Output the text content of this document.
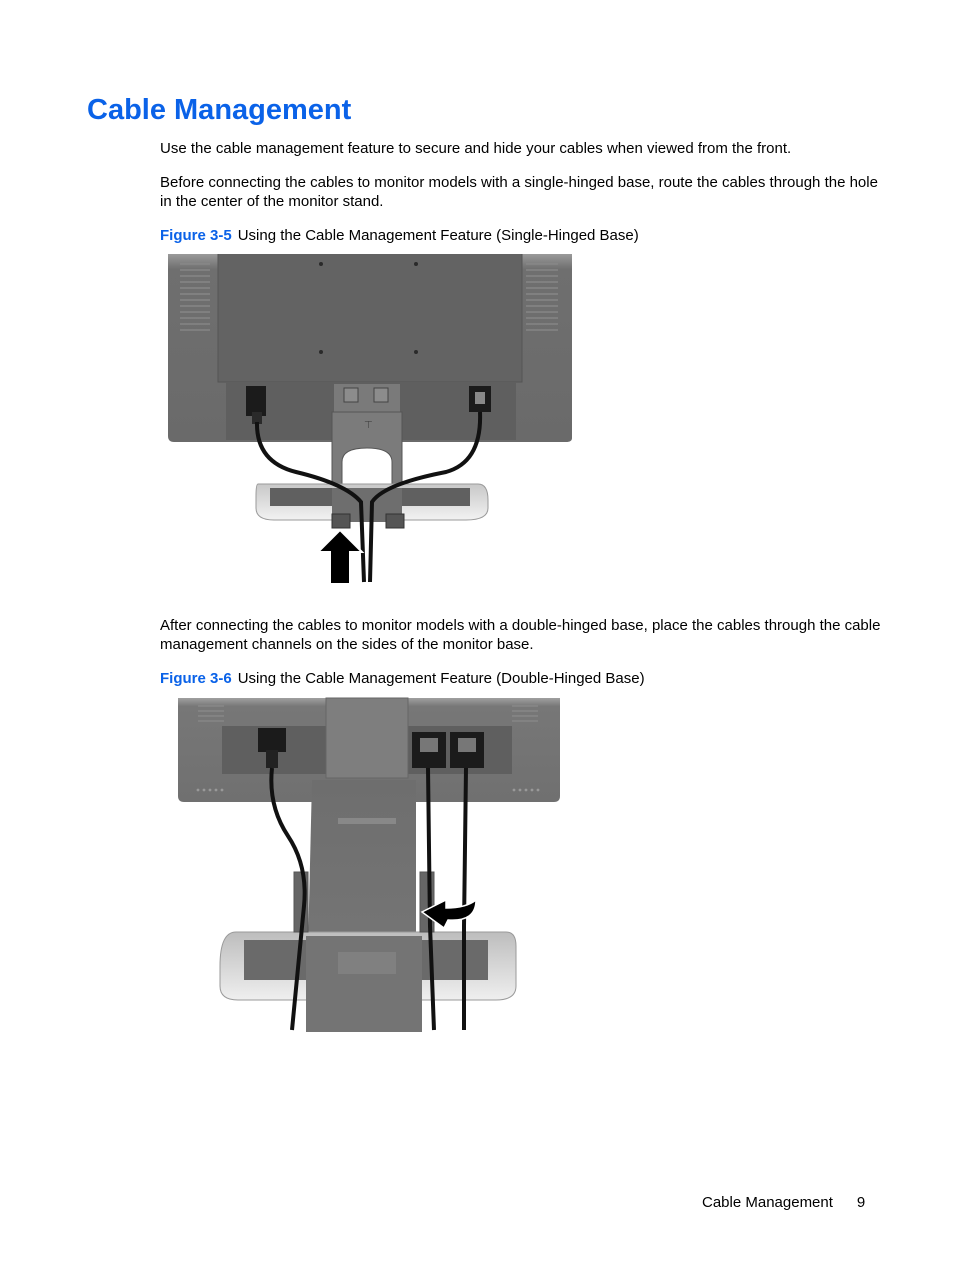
Cable Management

Use the cable management feature to secure and hide your cables when viewed from the front.

Before connecting the cables to monitor models with a single-hinged base, route the cables through the hole in the center of the monitor stand.

Figure 3-5 Using the Cable Management Feature (Single-Hinged Base)

⊤

After connecting the cables to monitor models with a double-hinged base, place the cables through the cable management channels on the sides of the monitor base.

Figure 3-6 Using the Cable Management Feature (Double-Hinged Base)

Cable Management 9
